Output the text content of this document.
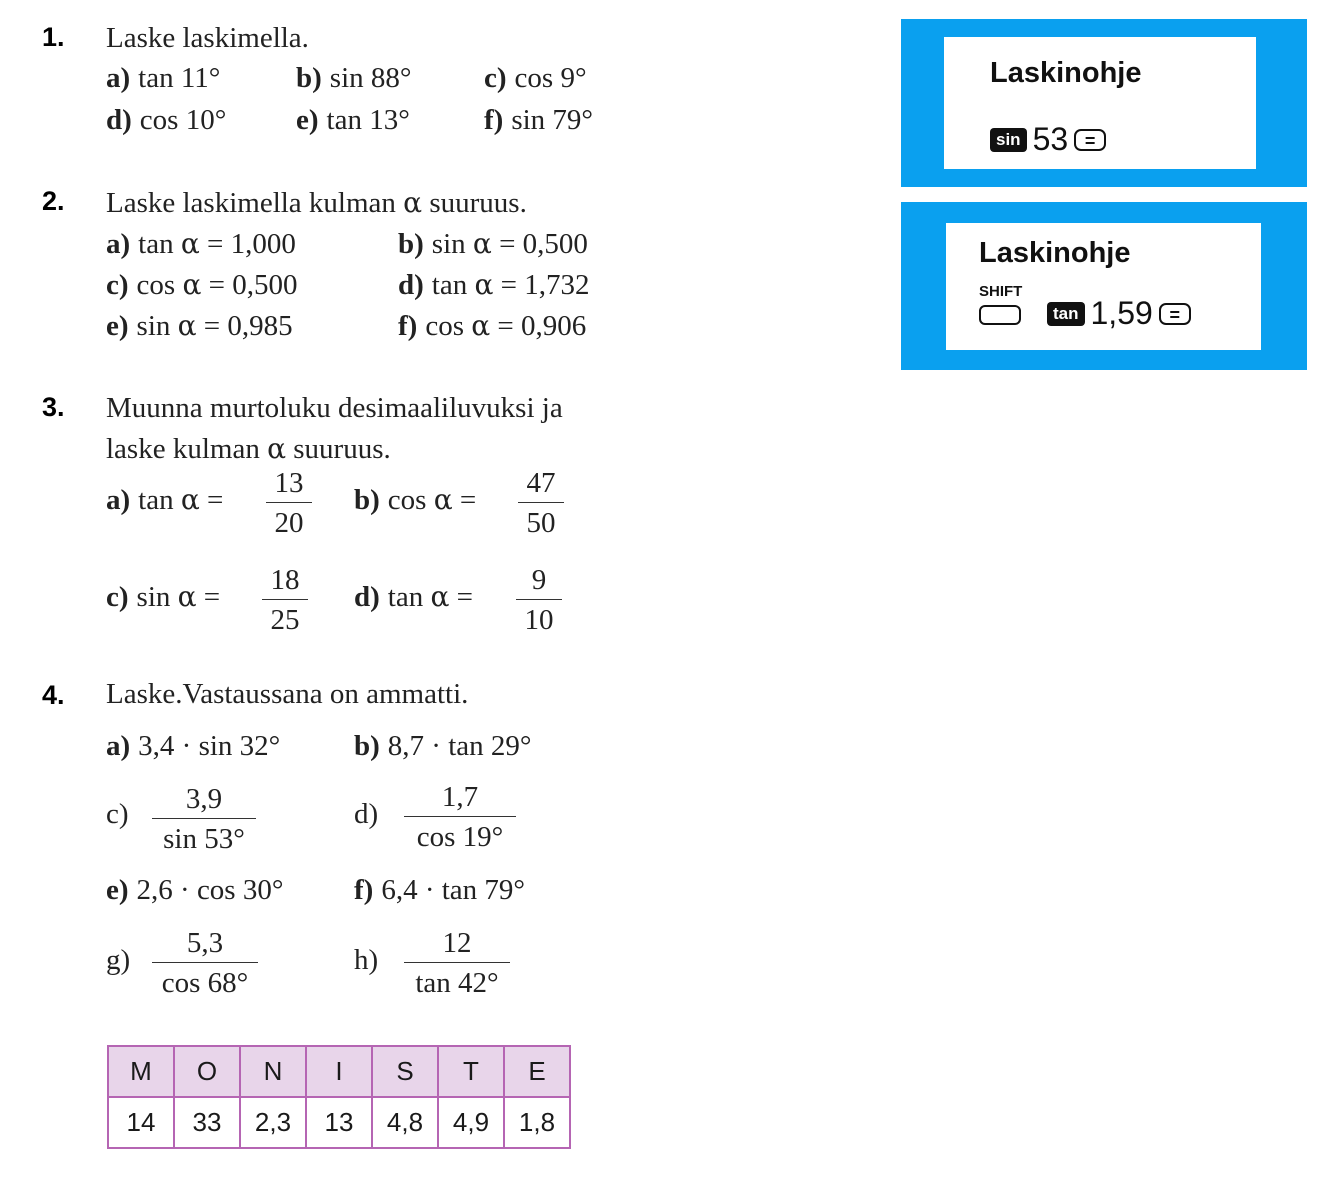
1. Laske laskimella.
a) tan 11°	b) sin 88°	c) cos 9°
d) cos 10° e) tan 13°	f) sin 79°
2. Laske laskimella kulman α suuruus.
a) tan α = 1,000	b) sin α = 0,500
c) cos α = 0,500	d) tan α = 1,732
e) sin α = 0,985	f) cos α = 0,906
3. Muunna murtoluku desimaaliluvuksi ja
laske kulman α suuruus.
a) $\tan \alpha = \frac{13}{20} b$) $\cos \alpha = \frac{47}{50}$
c) $\sin \alpha = \frac{18}{25} d$) $\tan \alpha = \frac{9}{10}$
4. Laske.Vastaussana on ammatti.
a) 3,4 · sin 32°	b) 8,7 · tan 29°
$c) \frac{3,9}{\sin 53^\circ}$	$d) \frac{1,7}{\cos 19^\circ}$
e) 2,6 · cos 30° f) 6,4 · tan 79°
$g) \frac{5,3}{\cos 68^\circ}$	$h) \frac{12}{\tan 42^\circ}$
M	O	N	I	S	T	E
14	33	2,3	13	4,8	4,9	1,8
Laskinohje
sin 53 =
Laskinohje
SHIFT
tan 1,59 =
